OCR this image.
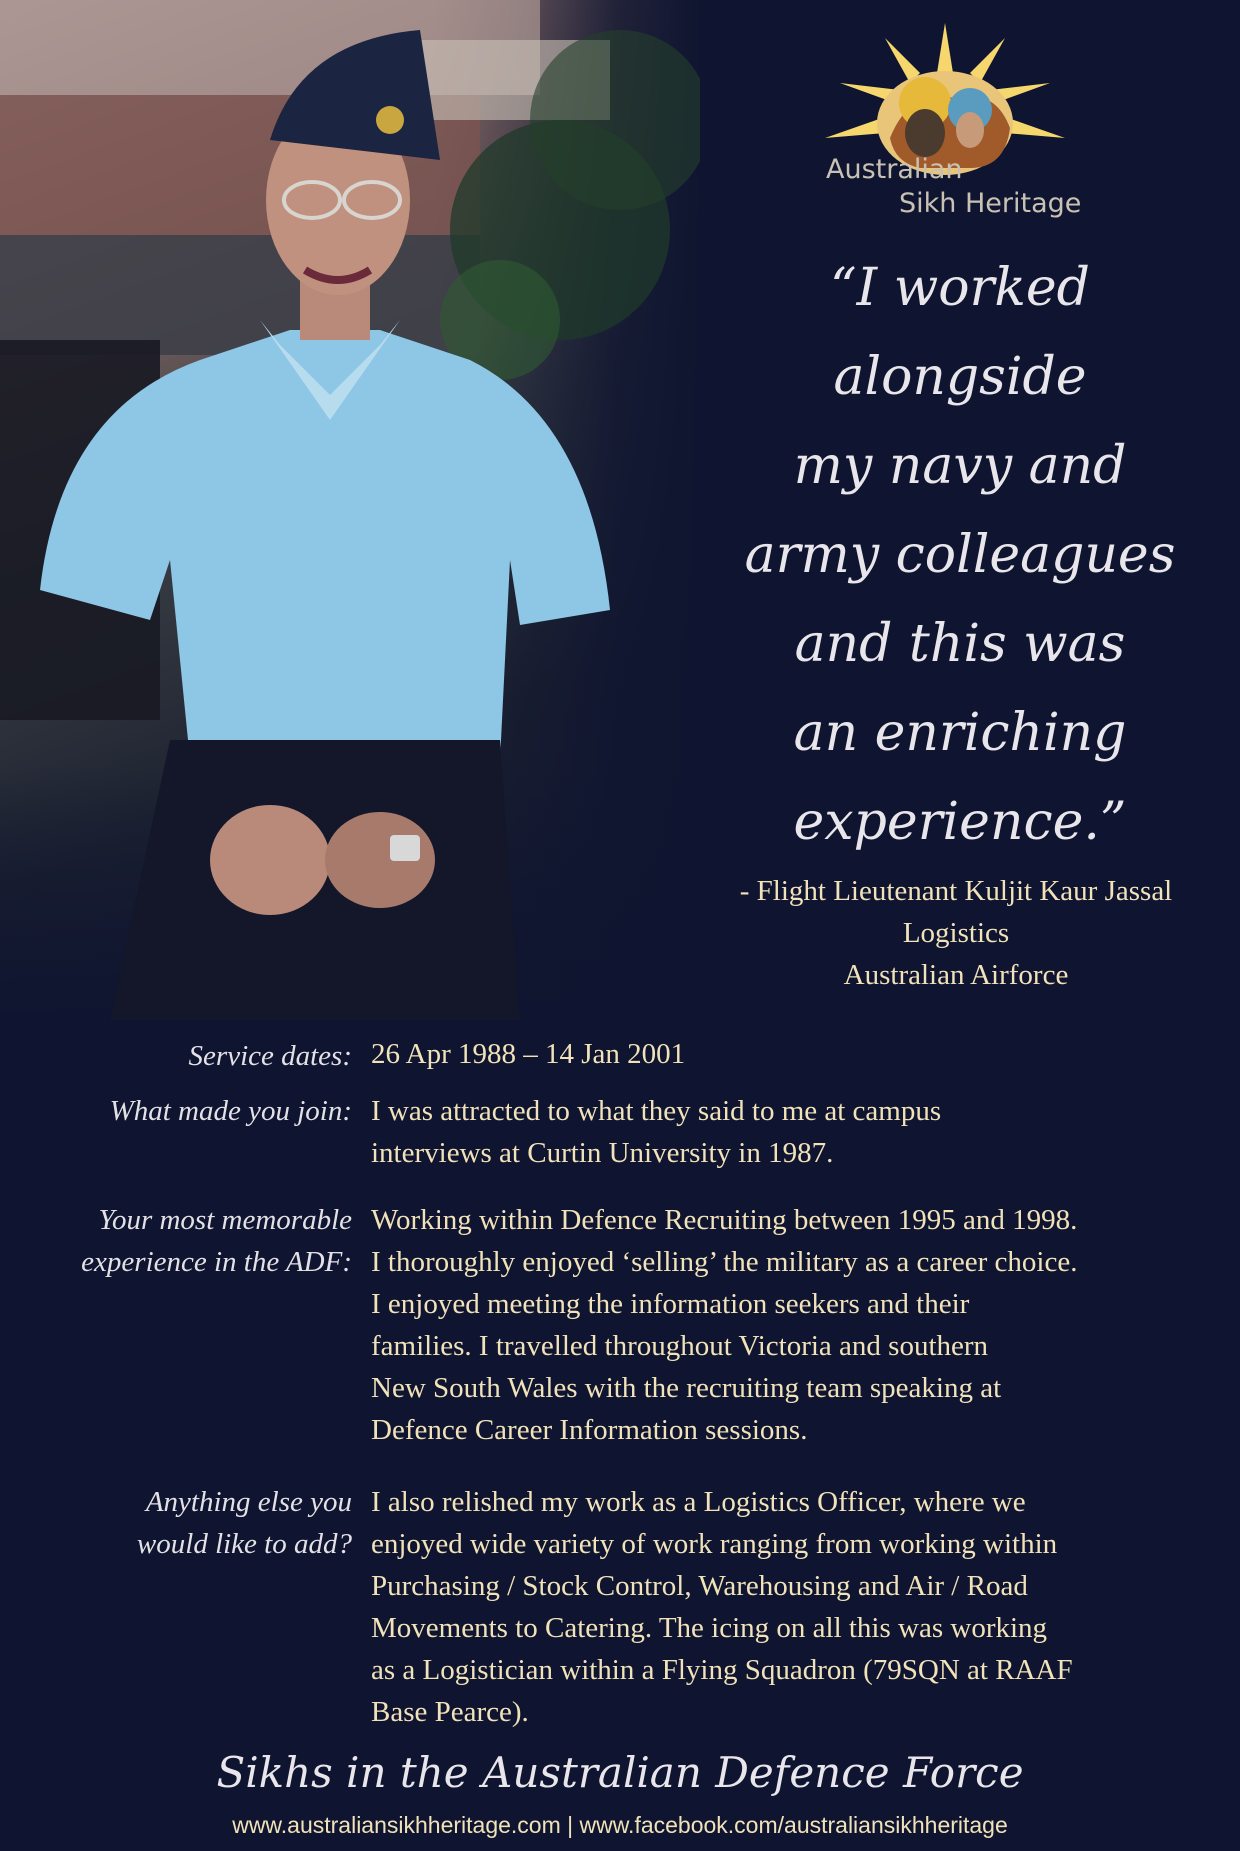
Australian
Sikh Heritage
“I worked
alongside
my navy and
army colleagues
and this was
an enriching
experience.”
- Flight Lieutenant Kuljit Kaur Jassal
Logistics
Australian Airforce
Service dates: 26 Apr 1988 – 14 Jan 2001
What made you join: I was attracted to what they said to me at campus
interviews at Curtin University in 1987.
Your most memorable
experience in the ADF:
Working within Defence Recruiting between 1995 and 1998.
I thoroughly enjoyed ‘selling’ the military as a career choice.
I enjoyed meeting the information seekers and their
families. I travelled throughout Victoria and southern
New South Wales with the recruiting team speaking at
Defence Career Information sessions.
Anything else you
would like to add?
I also relished my work as a Logistics Officer, where we
enjoyed wide variety of work ranging from working within
Purchasing / Stock Control, Warehousing and Air / Road
Movements to Catering. The icing on all this was working
as a Logistician within a Flying Squadron (79SQN at RAAF
Base Pearce).
Sikhs in the Australian Defence Force
www.australiansikhheritage.com | www.facebook.com/australiansikhheritage
